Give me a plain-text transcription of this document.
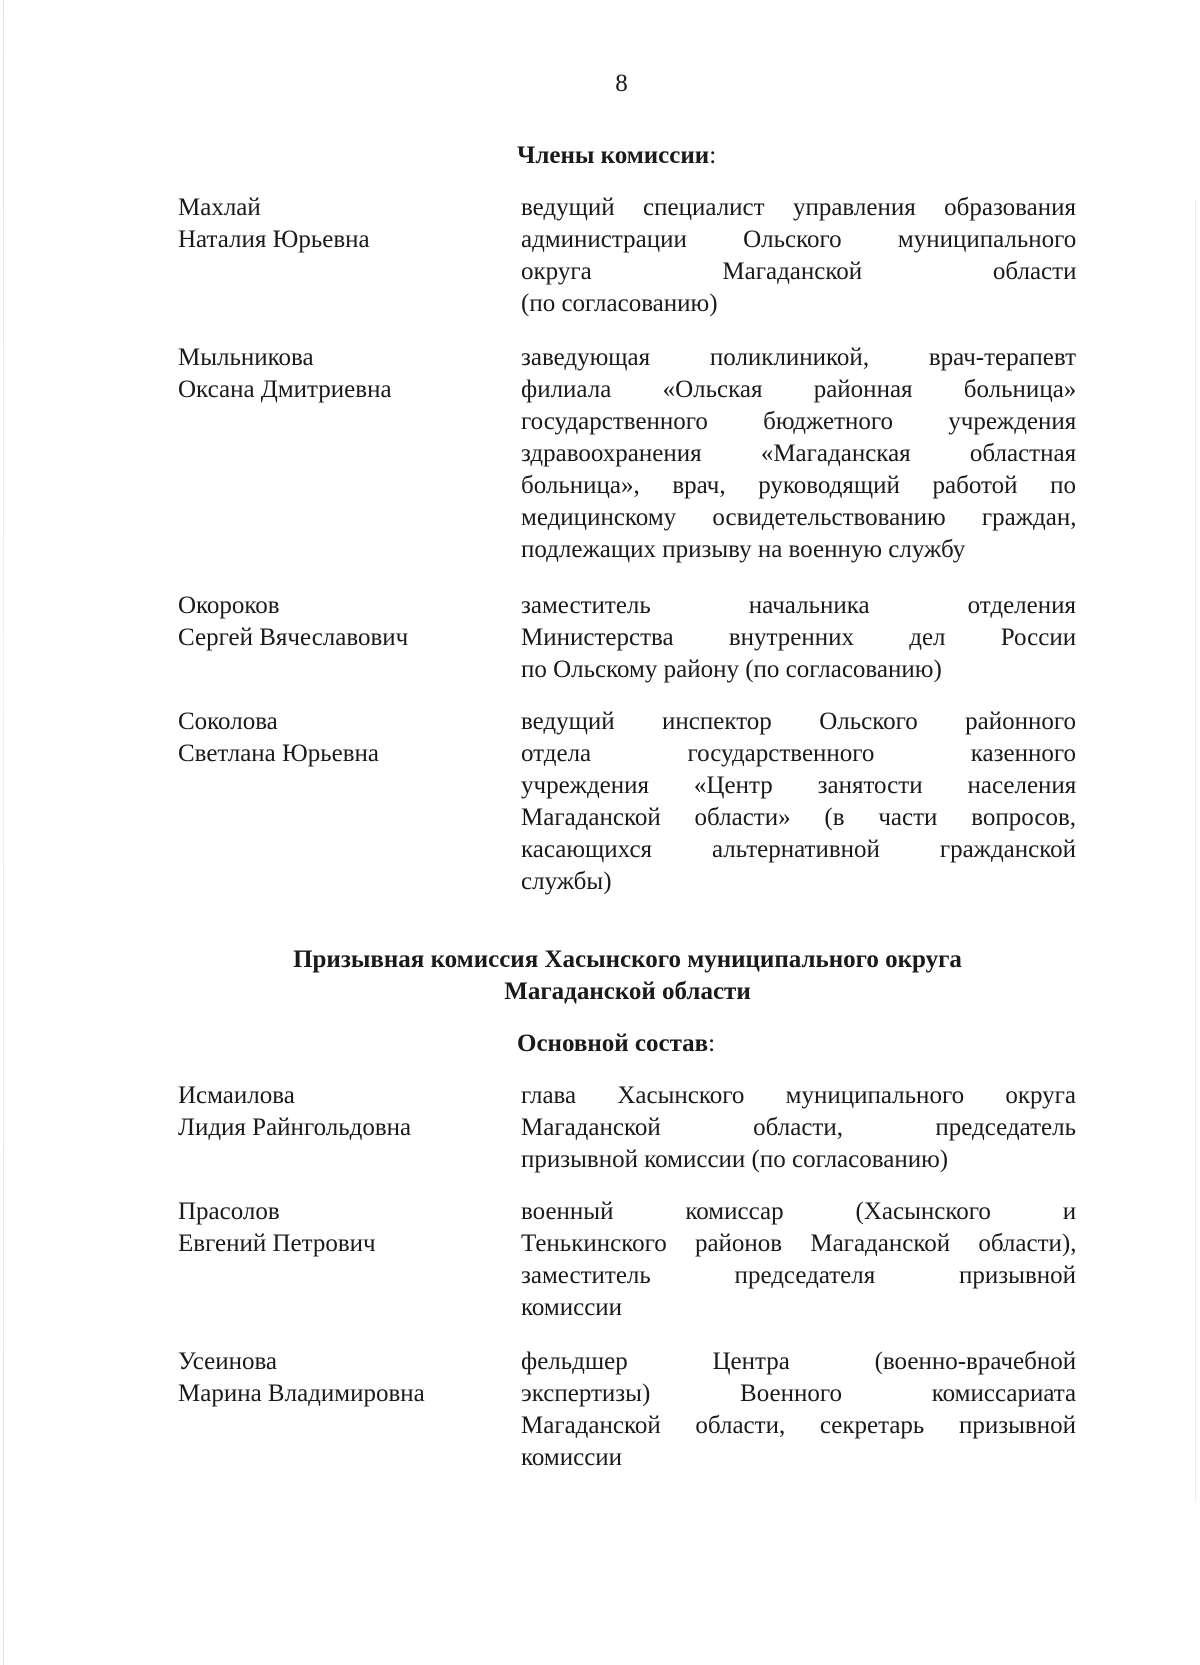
8
Члены комиссии:
Махлай
Наталия Юрьевна
ведущий специалист управления образования
администрации Ольского муниципального
округа Магаданской области
(по согласованию)
Мыльникова
Оксана Дмитриевна
заведующая поликлиникой, врач-терапевт
филиала «Ольская районная больница»
государственного бюджетного учреждения
здравоохранения «Магаданская областная
больница», врач, руководящий работой по
медицинскому освидетельствованию граждан,
подлежащих призыву на военную службу
Окороков
Сергей Вячеславович
заместитель начальника отделения
Министерства внутренних дел России
по Ольскому району (по согласованию)
Соколова
Светлана Юрьевна
ведущий инспектор Ольского районного
отдела государственного казенного
учреждения «Центр занятости населения
Магаданской области» (в части вопросов,
касающихся альтернативной гражданской
службы)
Призывная комиссия Хасынского муниципального округа
Магаданской области
Основной состав:
Исмаилова
Лидия Райнгольдовна
глава Хасынского муниципального округа
Магаданской области, председатель
призывной комиссии (по согласованию)
Прасолов
Евгений Петрович
военный комиссар (Хасынского и
Тенькинского районов Магаданской области),
заместитель председателя призывной
комиссии
Усеинова
Марина Владимировна
фельдшер Центра (военно-врачебной
экспертизы) Военного комиссариата
Магаданской области, секретарь призывной
комиссии
